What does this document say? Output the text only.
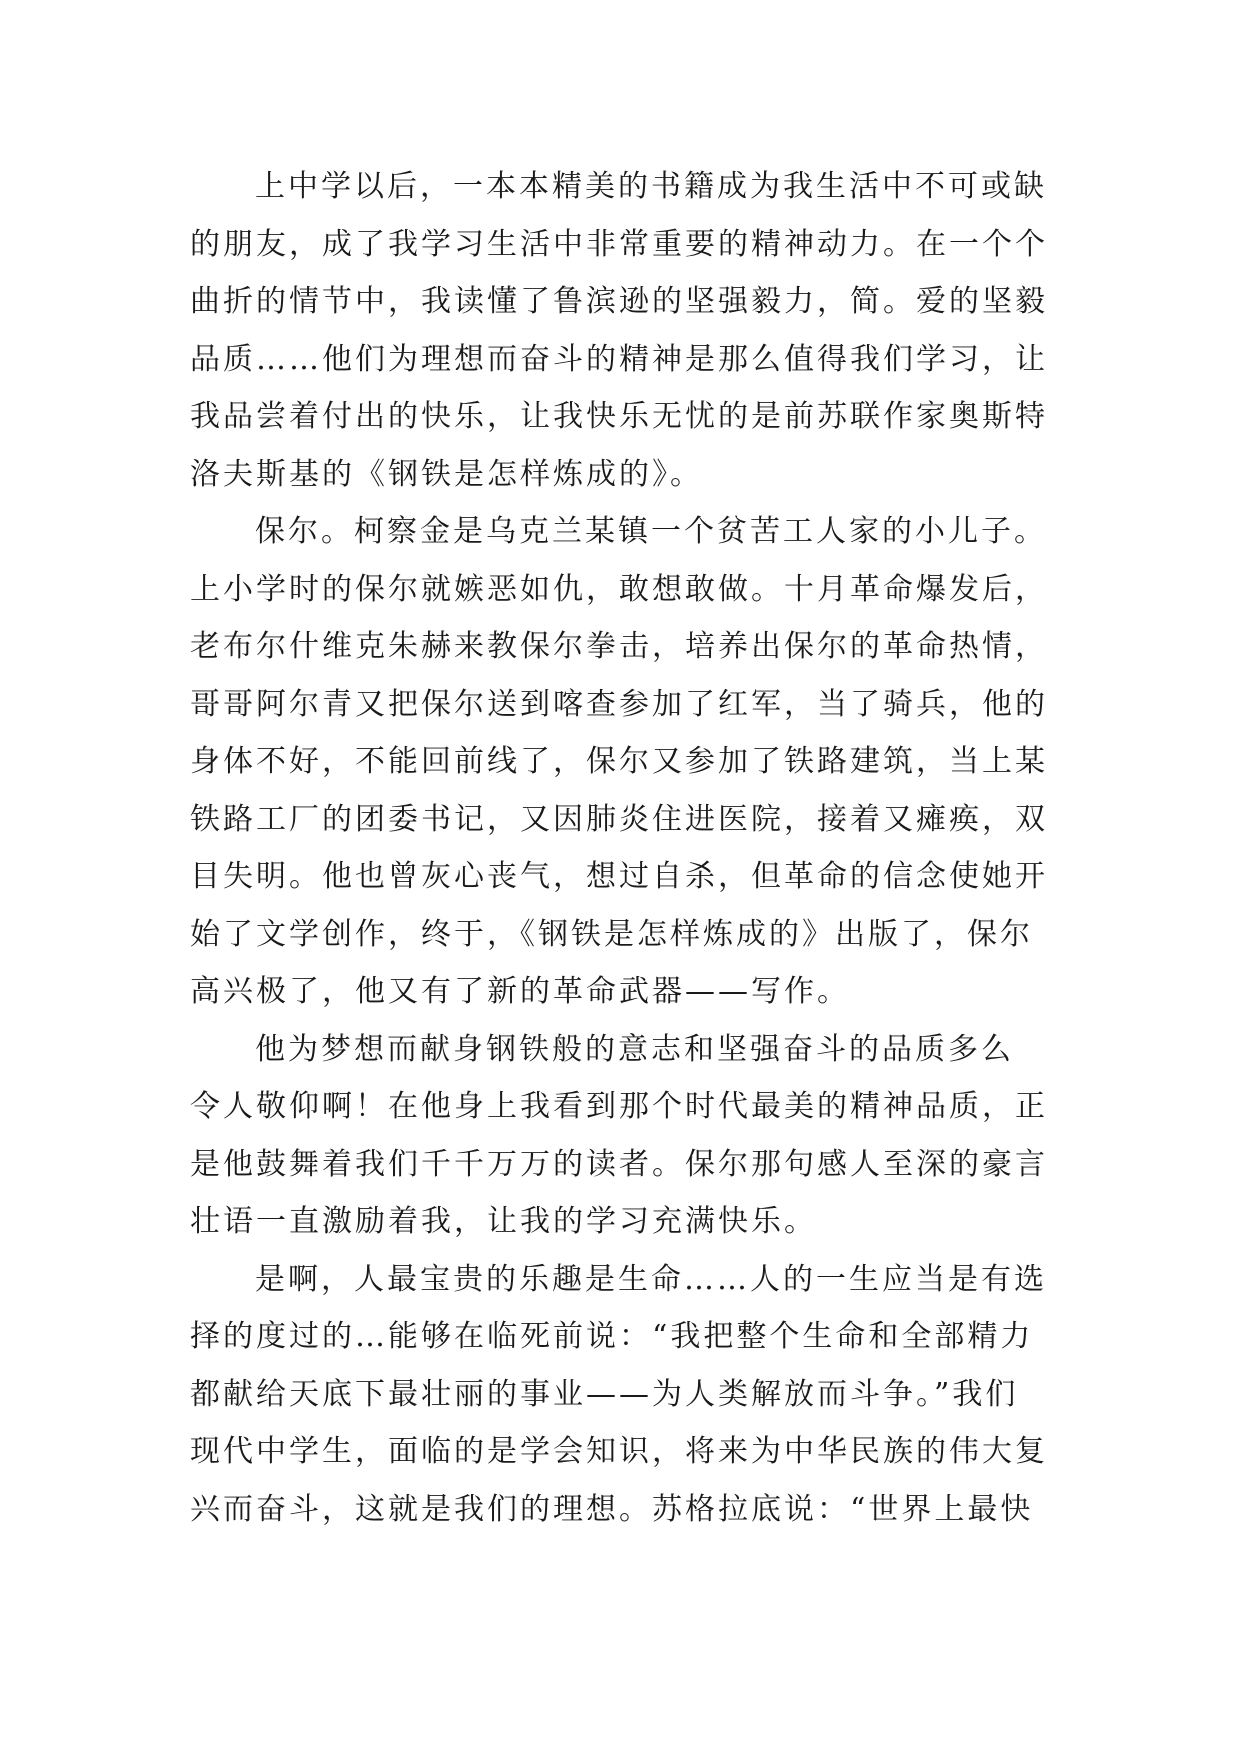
上中学以后，一本本精美的书籍成为我生活中不可或缺
的朋友，成了我学习生活中非常重要的精神动力。在一个个
曲折的情节中，我读懂了鲁滨逊的坚强毅力，简。爱的坚毅
品质……他们为理想而奋斗的精神是那么值得我们学习，让
我品尝着付出的快乐，让我快乐无忧的是前苏联作家奥斯特
洛夫斯基的《钢铁是怎样炼成的》。
保尔。柯察金是乌克兰某镇一个贫苦工人家的小儿子。
上小学时的保尔就嫉恶如仇，敢想敢做。十月革命爆发后，
老布尔什维克朱赫来教保尔拳击，培养出保尔的革命热情，
哥哥阿尔青又把保尔送到喀查参加了红军，当了骑兵，他的
身体不好，不能回前线了，保尔又参加了铁路建筑，当上某
铁路工厂的团委书记，又因肺炎住进医院，接着又瘫痪，双
目失明。他也曾灰心丧气，想过自杀，但革命的信念使她开
始了文学创作，终于，《钢铁是怎样炼成的》出版了，保尔
高兴极了，他又有了新的革命武器——写作。
他为梦想而献身钢铁般的意志和坚强奋斗的品质多么
令人敬仰啊！在他身上我看到那个时代最美的精神品质，正
是他鼓舞着我们千千万万的读者。保尔那句感人至深的豪言
壮语一直激励着我，让我的学习充满快乐。
是啊，人最宝贵的乐趣是生命……人的一生应当是有选
择的度过的…能够在临死前说：“我把整个生命和全部精力
都献给天底下最壮丽的事业——为人类解放而斗争。”我们
现代中学生，面临的是学会知识，将来为中华民族的伟大复
兴而奋斗，这就是我们的理想。苏格拉底说：“世界上最快
